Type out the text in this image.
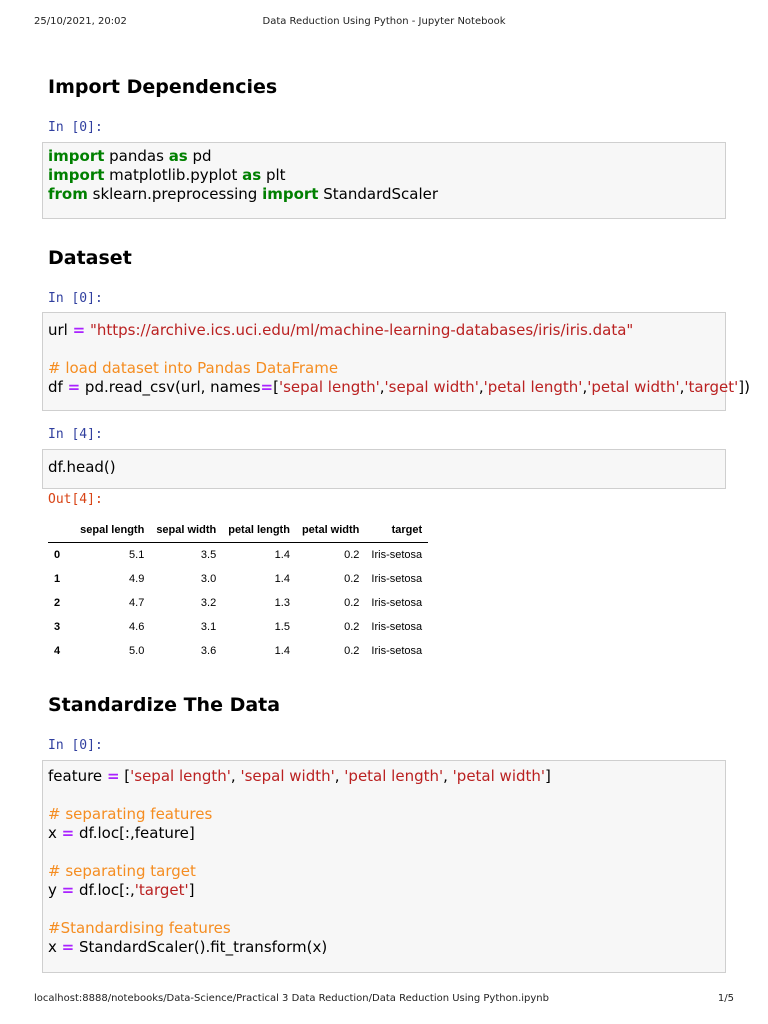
25/10/2021, 20:02	Data Reduction Using Python - Jupyter Notebook
Import Dependencies
In [0]:
import pandas as pd
import matplotlib.pyplot as plt
from sklearn.preprocessing import StandardScaler
Dataset
In [0]:
url = "https://archive.ics.uci.edu/ml/machine-learning-databases/iris/iris.data"

# load dataset into Pandas DataFrame
df = pd.read_csv(url, names=['sepal length','sepal width','petal length','petal width','target'])
In [4]:
df.head()
Out[4]:
	sepal length	sepal width	petal length	petal width	target
0	5.1	3.5	1.4	0.2	Iris-setosa
1	4.9	3.0	1.4	0.2	Iris-setosa
2	4.7	3.2	1.3	0.2	Iris-setosa
3	4.6	3.1	1.5	0.2	Iris-setosa
4	5.0	3.6	1.4	0.2	Iris-setosa
Standardize The Data
In [0]:
feature = ['sepal length', 'sepal width', 'petal length', 'petal width']

# separating features
x = df.loc[:,feature]

# separating target
y = df.loc[:,'target']

#Standardising features
x = StandardScaler().fit_transform(x)
localhost:8888/notebooks/Data-Science/Practical 3 Data Reduction/Data Reduction Using Python.ipynb	1/5
